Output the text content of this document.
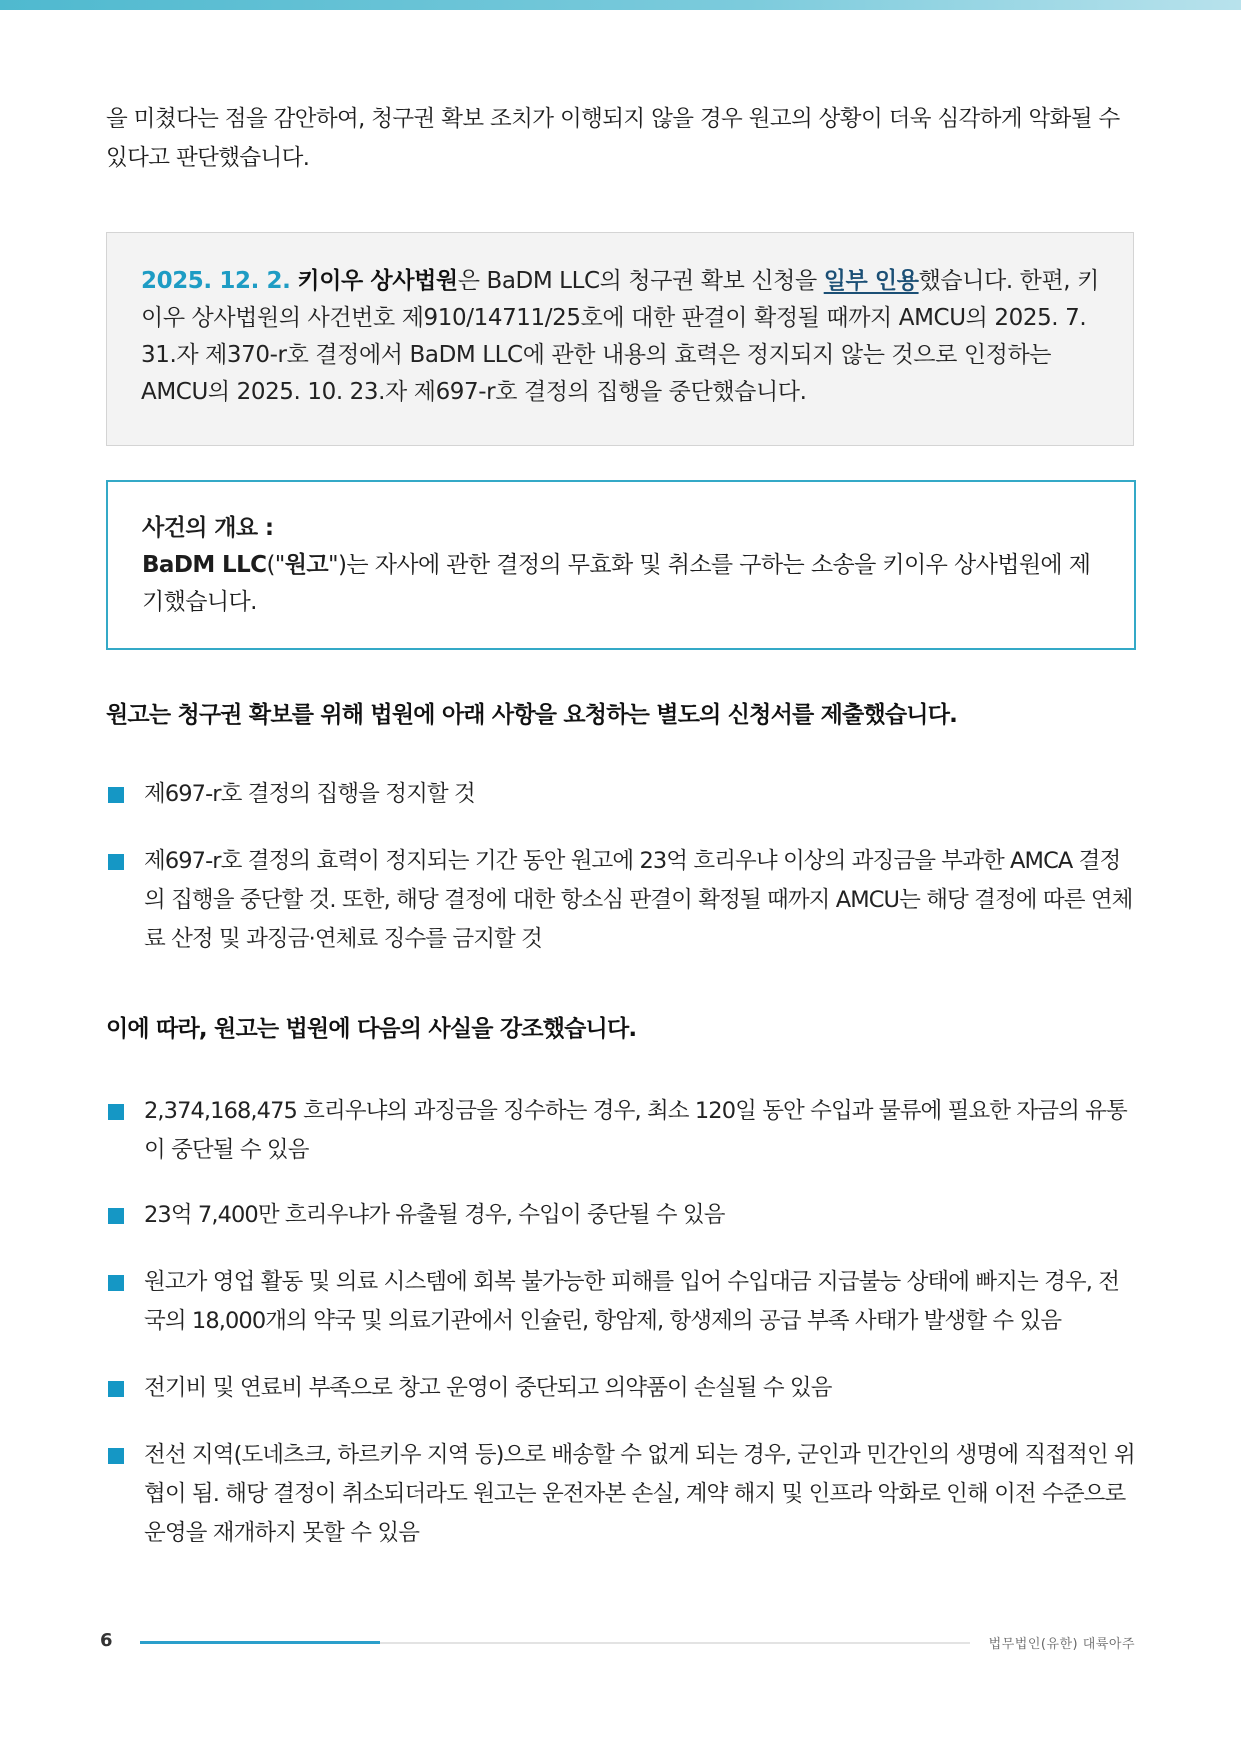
을 미쳤다는 점을 감안하여, 청구권 확보 조치가 이행되지 않을 경우 원고의 상황이 더욱 심각하게 악화될 수 있다고 판단했습니다.

2025. 12. 2. 키이우 상사법원은 BaDM LLC의 청구권 확보 신청을 일부 인용했습니다. 한편, 키이우 상사법원의 사건번호 제910/14711/25호에 대한 판결이 확정될 때까지 AMCU의 2025. 7. 31.자 제370-r호 결정에서 BaDM LLC에 관한 내용의 효력은 정지되지 않는 것으로 인정하는 AMCU의 2025. 10. 23.자 제697-r호 결정의 집행을 중단했습니다.

사건의 개요 :

BaDM LLC("원고")는 자사에 관한 결정의 무효화 및 취소를 구하는 소송을 키이우 상사법원에 제기했습니다.

원고는 청구권 확보를 위해 법원에 아래 사항을 요청하는 별도의 신청서를 제출했습니다.

제697-r호 결정의 집행을 정지할 것

제697-r호 결정의 효력이 정지되는 기간 동안 원고에 23억 흐리우냐 이상의 과징금을 부과한 AMCA 결정의 집행을 중단할 것. 또한, 해당 결정에 대한 항소심 판결이 확정될 때까지 AMCU는 해당 결정에 따른 연체료 산정 및 과징금·연체료 징수를 금지할 것

이에 따라, 원고는 법원에 다음의 사실을 강조했습니다.

2,374,168,475 흐리우냐의 과징금을 징수하는 경우, 최소 120일 동안 수입과 물류에 필요한 자금의 유통이 중단될 수 있음

23억 7,400만 흐리우냐가 유출될 경우, 수입이 중단될 수 있음

원고가 영업 활동 및 의료 시스템에 회복 불가능한 피해를 입어 수입대금 지급불능 상태에 빠지는 경우, 전국의 18,000개의 약국 및 의료기관에서 인슐린, 항암제, 항생제의 공급 부족 사태가 발생할 수 있음

전기비 및 연료비 부족으로 창고 운영이 중단되고 의약품이 손실될 수 있음

전선 지역(도네츠크, 하르키우 지역 등)으로 배송할 수 없게 되는 경우, 군인과 민간인의 생명에 직접적인 위협이 됨. 해당 결정이 취소되더라도 원고는 운전자본 손실, 계약 해지 및 인프라 악화로 인해 이전 수준으로 운영을 재개하지 못할 수 있음

6	법무법인(유한) 대륙아주
